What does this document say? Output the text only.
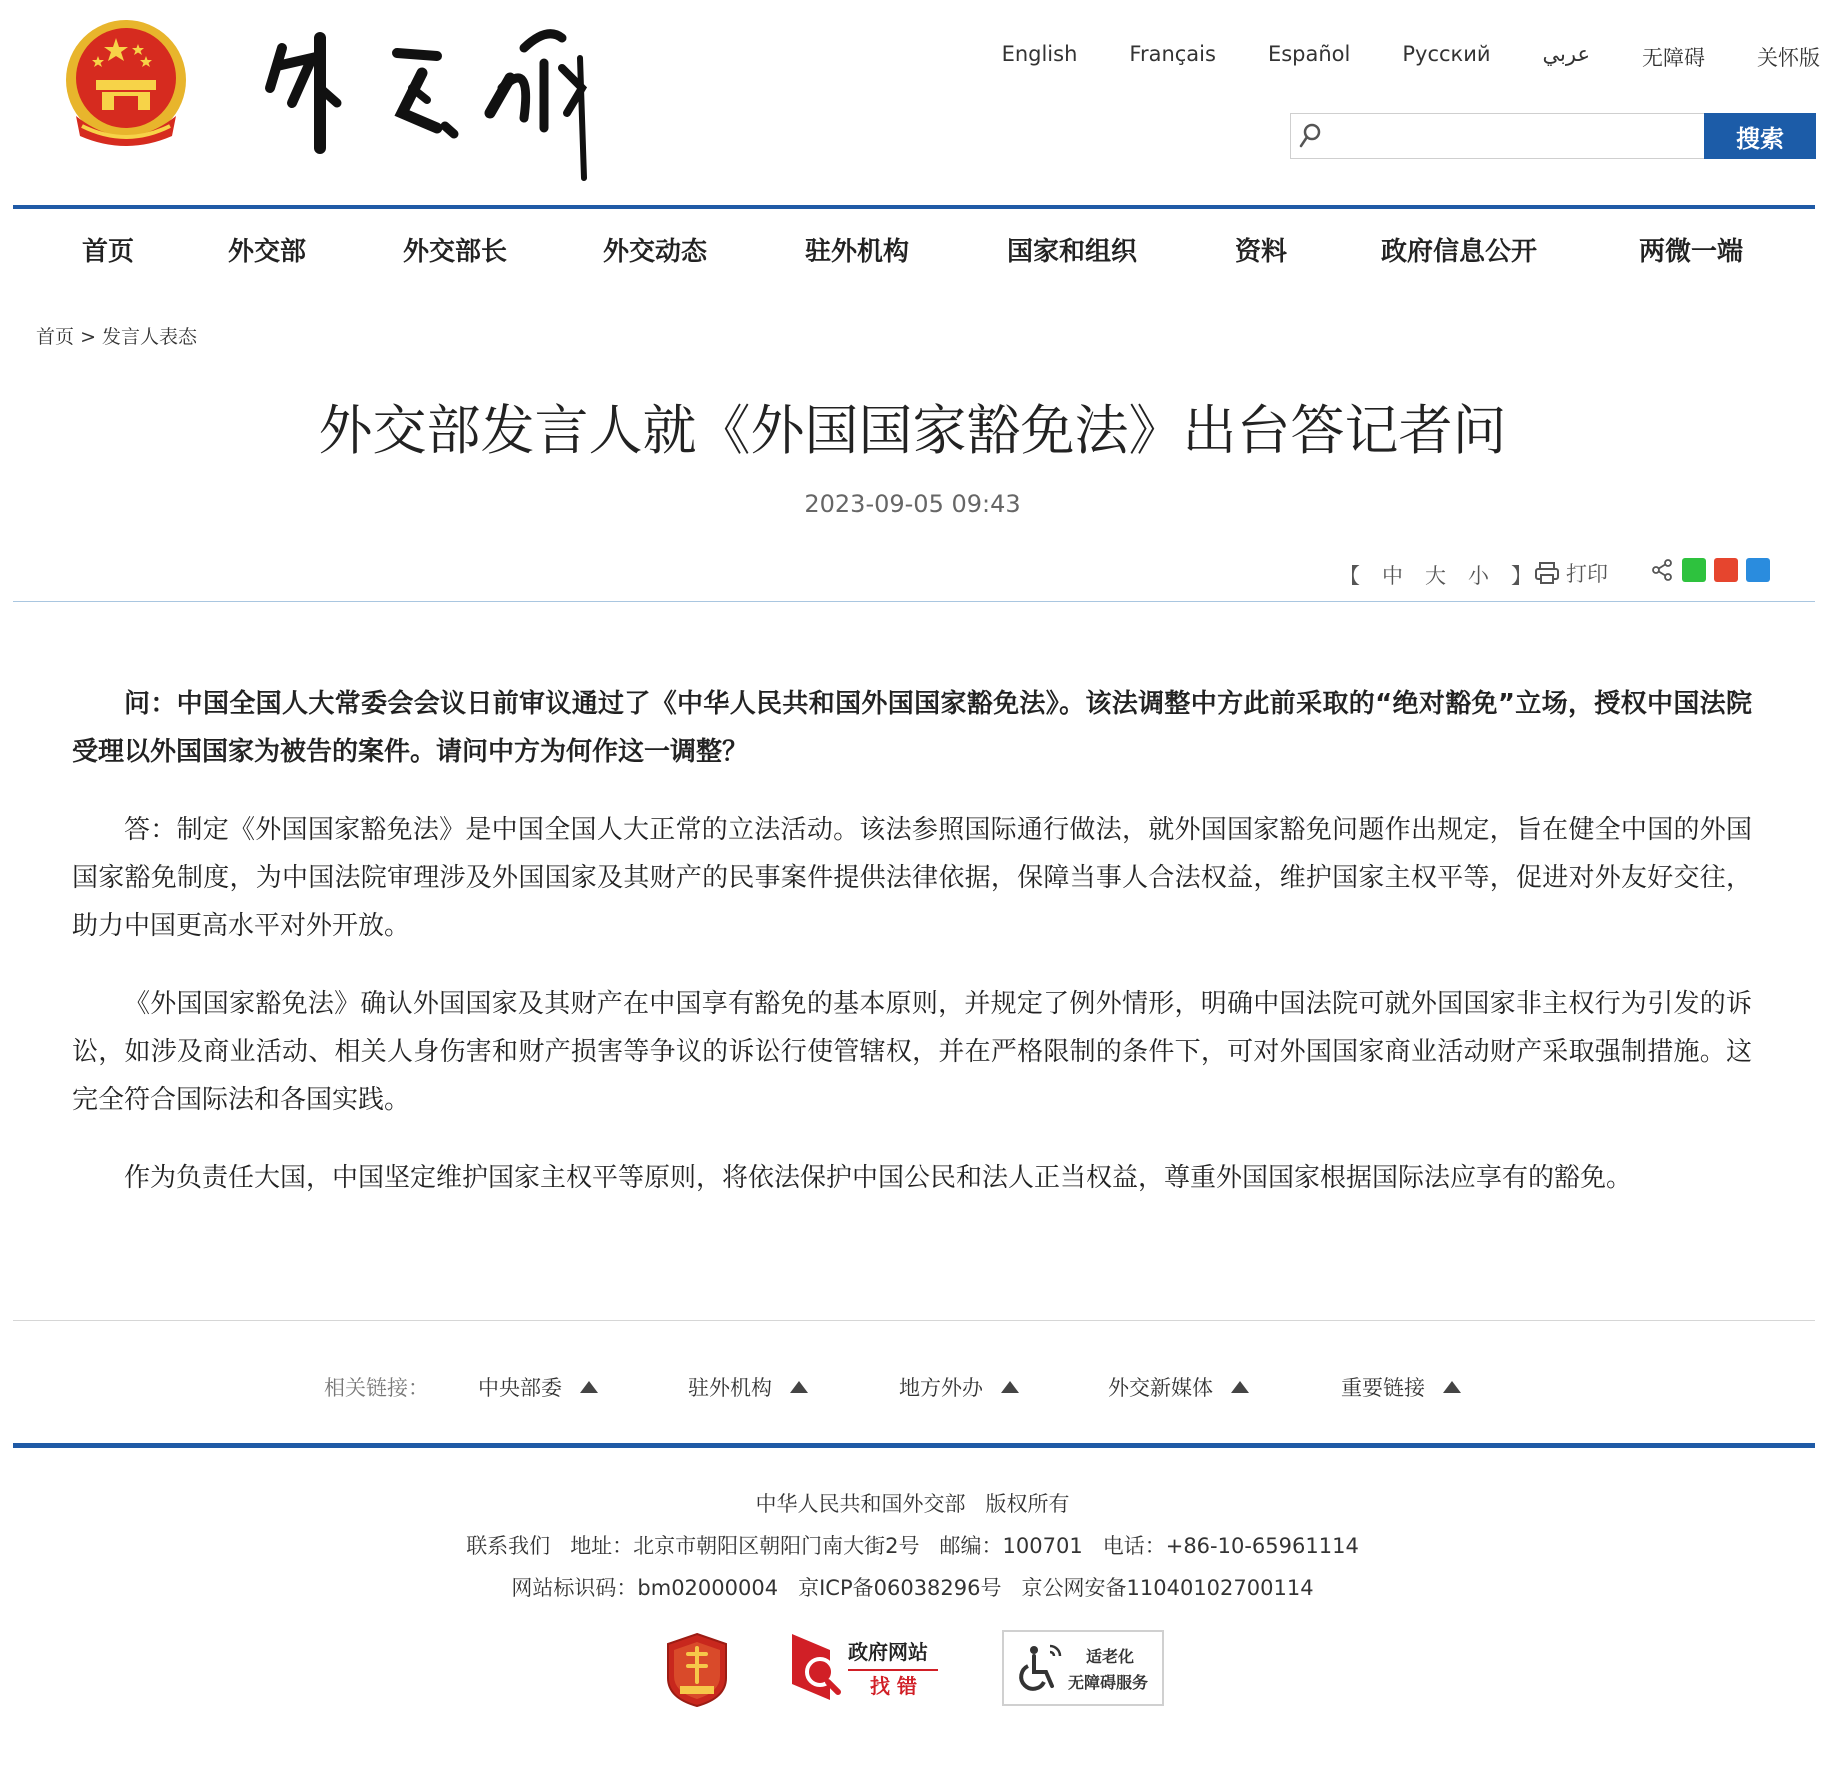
English Français Español Русский عربي 无障碍 关怀版
搜索
首页	外交部	外交部长	外交动态	驻外机构	国家和组织	资料	政府信息公开	两微一端
首页 > 发言人表态
外交部发言人就《外国国家豁免法》出台答记者问
2023-09-05 09:43
【 中 大 小 】	打印

问：中国全国人大常委会会议日前审议通过了《中华人民共和国外国国家豁免法》。该法调整中方此前采取的“绝对豁免”立场，授权中国法院受理以外国国家为被告的案件。请问中方为何作这一调整？

答：制定《外国国家豁免法》是中国全国人大正常的立法活动。该法参照国际通行做法，就外国国家豁免问题作出规定，旨在健全中国的外国国家豁免制度，为中国法院审理涉及外国国家及其财产的民事案件提供法律依据，保障当事人合法权益，维护国家主权平等，促进对外友好交往，助力中国更高水平对外开放。

《外国国家豁免法》确认外国国家及其财产在中国享有豁免的基本原则，并规定了例外情形，明确中国法院可就外国国家非主权行为引发的诉讼，如涉及商业活动、相关人身伤害和财产损害等争议的诉讼行使管辖权，并在严格限制的条件下，可对外国国家商业活动财产采取强制措施。这完全符合国际法和各国实践。

作为负责任大国，中国坚定维护国家主权平等原则，将依法保护中国公民和法人正当权益，尊重外国国家根据国际法应享有的豁免。

相关链接： 中央部委	驻外机构	地方外办	外交新媒体	重要链接
中华人民共和国外交部 版权所有
联系我们 地址：北京市朝阳区朝阳门南大街2号 邮编：100701 电话：+86-10-65961114
网站标识码：bm02000004 京ICP备06038296号 京公网安备11040102700114
政府网站
找 错
适老化
无障碍服务
